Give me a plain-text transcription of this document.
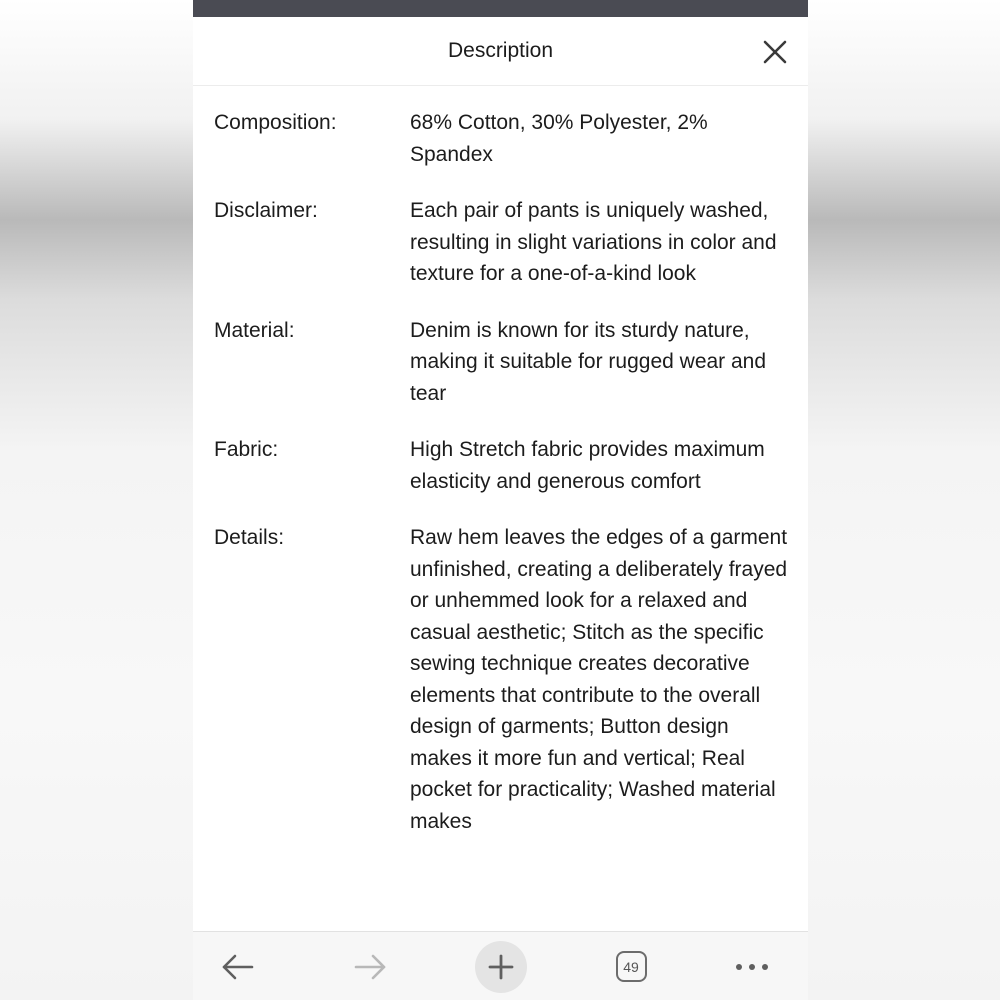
Description
Composition:	68% Cotton, 30% Polyester, 2% Spandex
Disclaimer:	Each pair of pants is uniquely washed, resulting in slight variations in color and texture for a one-of-a-kind look
Material:	Denim is known for its sturdy nature, making it suitable for rugged wear and tear
Fabric:	High Stretch fabric provides maximum elasticity and generous comfort
Details:	Raw hem leaves the edges of a garment unfinished, creating a deliberately frayed or unhemmed look for a relaxed and casual aesthetic; Stitch as the specific sewing technique creates decorative elements that contribute to the overall design of garments; Button design makes it more fun and vertical; Real pocket for practicality; Washed material makes
49
